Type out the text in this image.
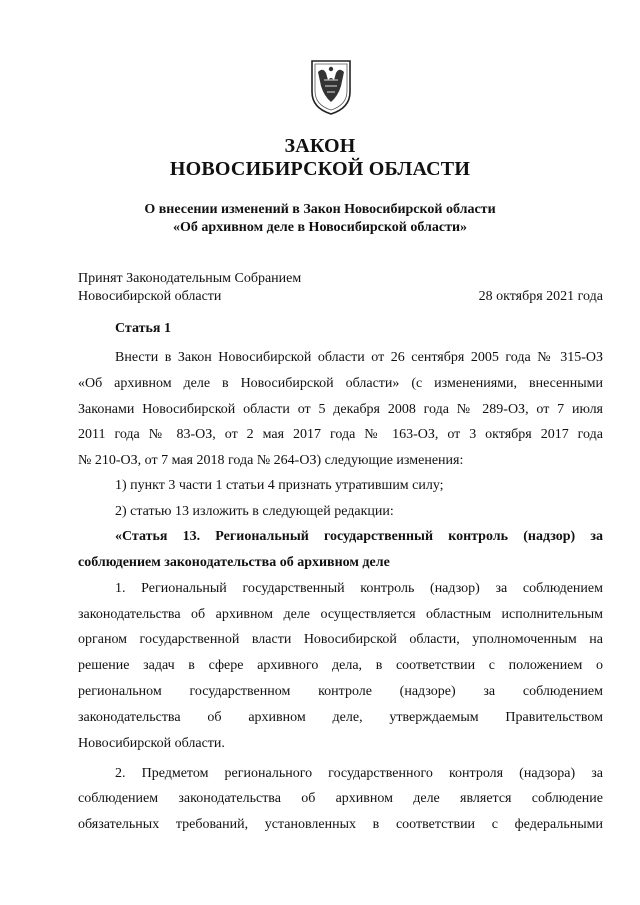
ЗАКОН
НОВОСИБИРСКОЙ ОБЛАСТИ
О внесении изменений в Закон Новосибирской области
«Об архивном деле в Новосибирской области»
Принят Законодательным Собранием
Новосибирской области	28 октября 2021 года
Статья 1
Внести в Закон Новосибирской области от 26 сентября 2005 года № 315-ОЗ
«Об архивном деле в Новосибирской области» (с изменениями, внесенными
Законами Новосибирской области от 5 декабря 2008 года № 289-ОЗ, от 7 июля
2011 года № 83-ОЗ, от 2 мая 2017 года № 163-ОЗ, от 3 октября 2017 года
№ 210-ОЗ, от 7 мая 2018 года № 264-ОЗ) следующие изменения:
1) пункт 3 части 1 статьи 4 признать утратившим силу;
2) статью 13 изложить в следующей редакции:
«Статья 13. Региональный государственный контроль (надзор) за
соблюдением законодательства об архивном деле
1. Региональный государственный контроль (надзор) за соблюдением
законодательства об архивном деле осуществляется областным исполнительным
органом государственной власти Новосибирской области, уполномоченным на
решение задач в сфере архивного дела, в соответствии с положением о
региональном государственном контроле (надзоре) за соблюдением
законодательства об архивном деле, утверждаемым Правительством
Новосибирской области.
2. Предметом регионального государственного контроля (надзора) за
соблюдением законодательства об архивном деле является соблюдение
обязательных требований, установленных в соответствии с федеральными
